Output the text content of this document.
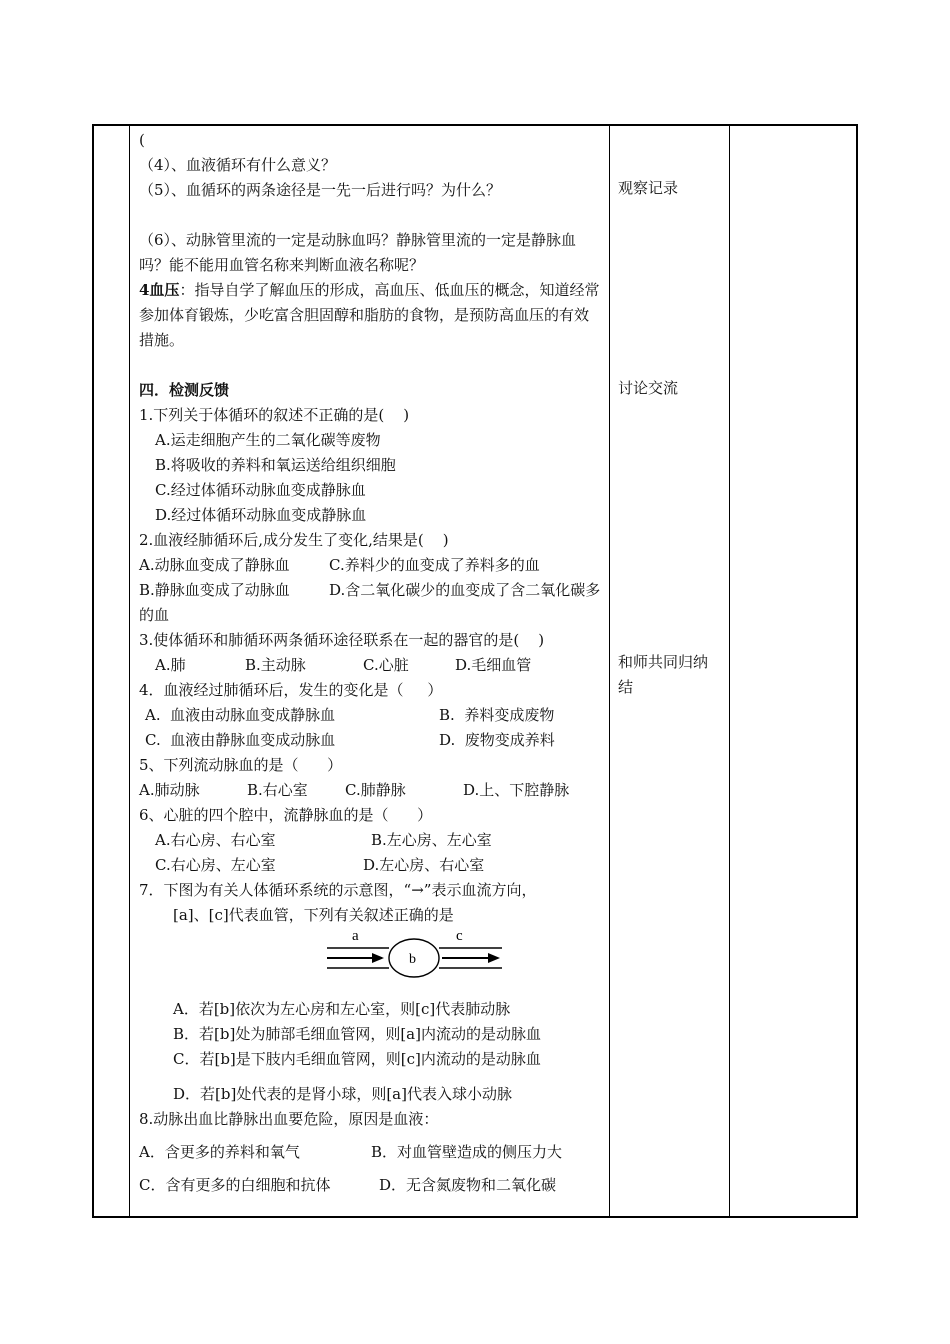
(
（4）、血液循环有什么意义？
（5）、血循环的两条途径是一先一后进行吗？为什么？
（6）、动脉管里流的一定是动脉血吗？静脉管里流的一定是静脉血吗？能不能用血管名称来判断血液名称呢？
4血压：指导自学了解血压的形成，高血压、低血压的概念，知道经常参加体育锻炼，少吃富含胆固醇和脂肪的食物，是预防高血压的有效措施。
四．检测反馈
1.下列关于体循环的叙述不正确的是(    )
A.运走细胞产生的二氧化碳等废物
B.将吸收的养料和氧运送给组织细胞
C.经过体循环动脉血变成静脉血
D.经过体循环动脉血变成静脉血
2.血液经肺循环后,成分发生了变化,结果是(    )
A.动脉血变成了静脉血	C.养料少的血变成了养料多的血
B.静脉血变成了动脉血	D.含二氧化碳少的血变成了含二氧化碳多的血
3.使体循环和肺循环两条循环途径联系在一起的器官的是(    )
A.肺	B.主动脉	C.心脏	D.毛细血管
4．血液经过肺循环后，发生的变化是（     ）
A.  血液由动脉血变成静脉血	B.  养料变成废物
C.  血液由静脉血变成动脉血	D.  废物变成养料
5、下列流动脉血的是（      ）
A.肺动脉	B.右心室	C.肺静脉	D.上、下腔静脉
6、心脏的四个腔中，流静脉血的是（      ）
A.右心房、右心室	B.左心房、左心室
C.右心房、左心室	D.左心房、右心室
7．下图为有关人体循环系统的示意图，“→”表示血流方向，
[a]、[c]代表血管，下列有关叙述正确的是
a	c
b
A．若[b]依次为左心房和左心室，则[c]代表肺动脉
B．若[b]处为肺部毛细血管网，则[a]内流动的是动脉血
C．若[b]是下肢内毛细血管网，则[c]内流动的是动脉血
D．若[b]处代表的是肾小球，则[a]代表入球小动脉
8.动脉出血比静脉出血要危险，原因是血液：
A．含更多的养料和氧气	B．对血管壁造成的侧压力大
C．含有更多的白细胞和抗体	D．无含氮废物和二氧化碳
观察记录
讨论交流
和师共同归纳结
